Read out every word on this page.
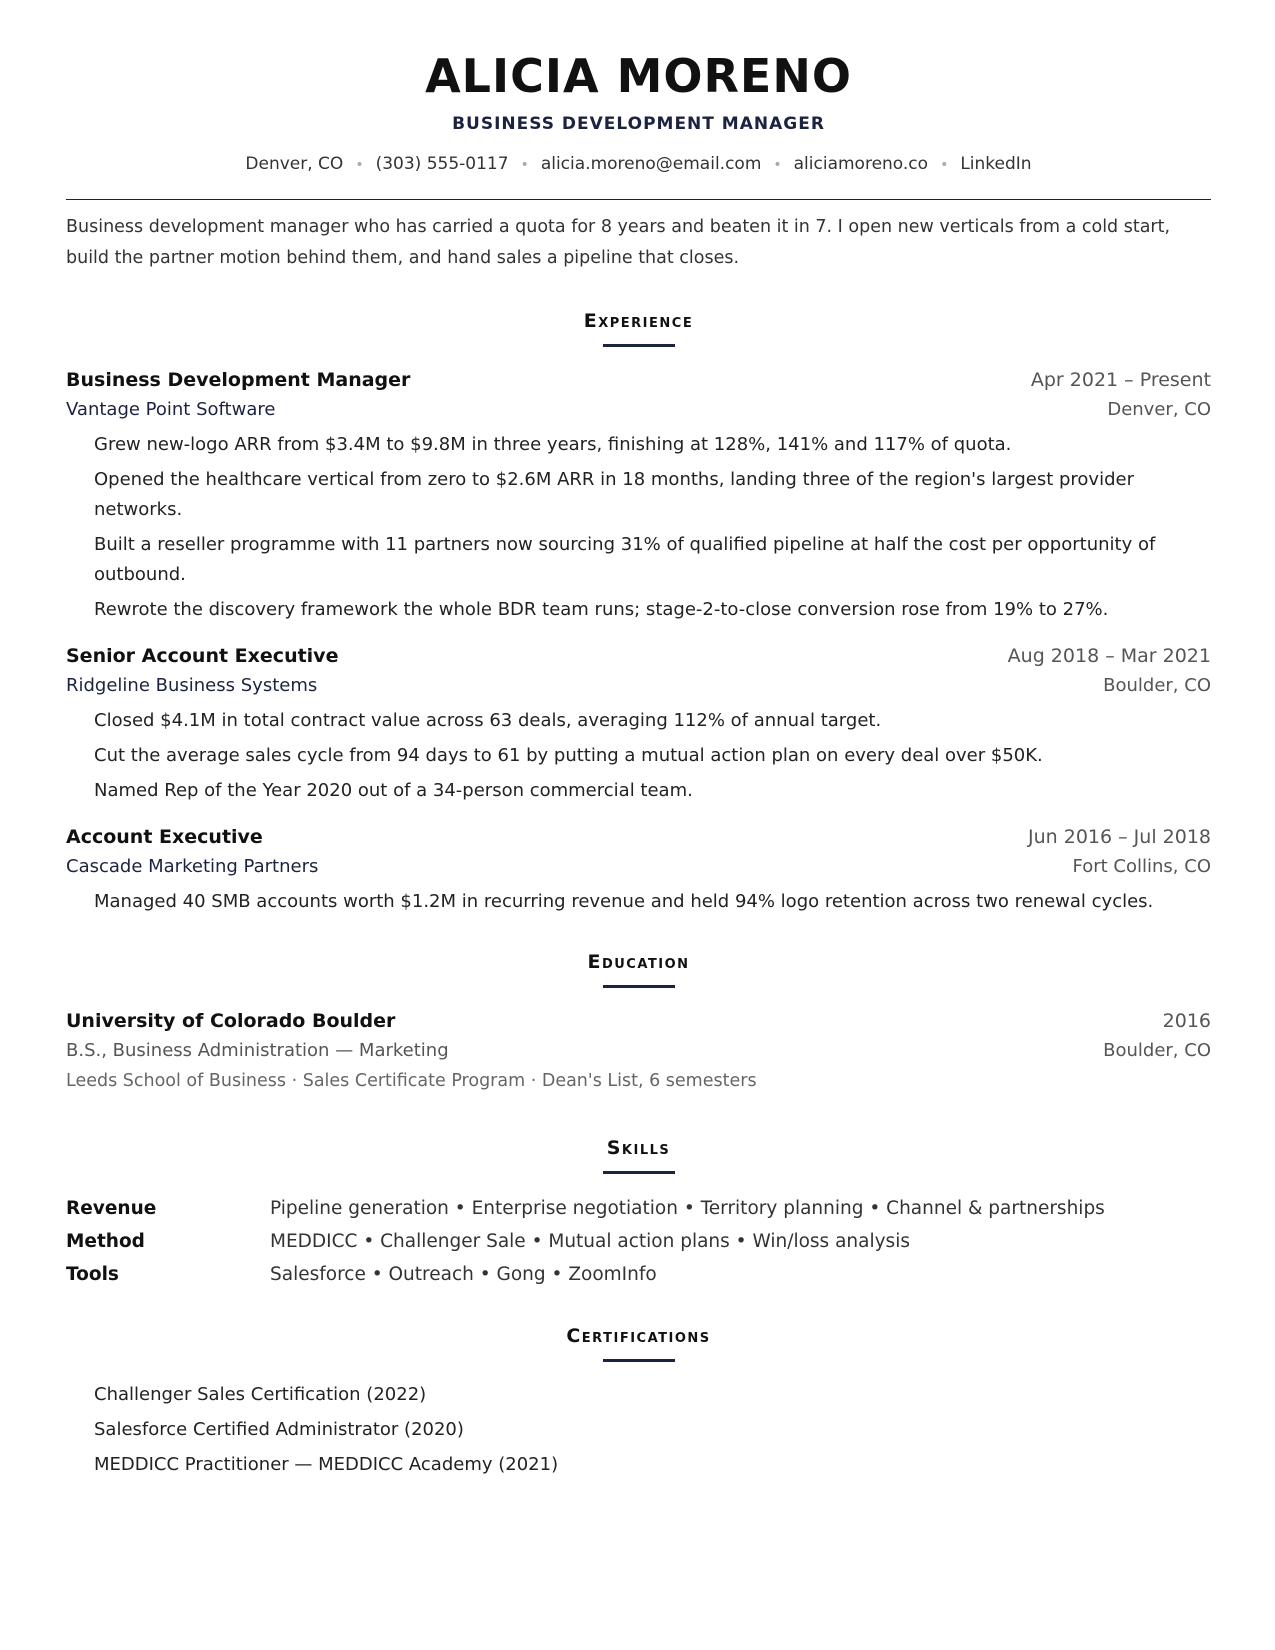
ALICIA MORENO
BUSINESS DEVELOPMENT MANAGER
Denver, CO • (303) 555-0117 • alicia.moreno@email.com • aliciamoreno.co • LinkedIn
Business development manager who has carried a quota for 8 years and beaten it in 7. I open new verticals from a cold start, build the partner motion behind them, and hand sales a pipeline that closes.
Experience
Business Development Manager	Apr 2021 – Present
Vantage Point Software	Denver, CO
Grew new-logo ARR from $3.4M to $9.8M in three years, finishing at 128%, 141% and 117% of quota.
Opened the healthcare vertical from zero to $2.6M ARR in 18 months, landing three of the region's largest provider networks.
Built a reseller programme with 11 partners now sourcing 31% of qualified pipeline at half the cost per opportunity of outbound.
Rewrote the discovery framework the whole BDR team runs; stage-2-to-close conversion rose from 19% to 27%.
Senior Account Executive	Aug 2018 – Mar 2021
Ridgeline Business Systems	Boulder, CO
Closed $4.1M in total contract value across 63 deals, averaging 112% of annual target.
Cut the average sales cycle from 94 days to 61 by putting a mutual action plan on every deal over $50K.
Named Rep of the Year 2020 out of a 34-person commercial team.
Account Executive	Jun 2016 – Jul 2018
Cascade Marketing Partners	Fort Collins, CO
Managed 40 SMB accounts worth $1.2M in recurring revenue and held 94% logo retention across two renewal cycles.
Education
University of Colorado Boulder	2016
B.S., Business Administration — Marketing	Boulder, CO
Leeds School of Business · Sales Certificate Program · Dean's List, 6 semesters
Skills
Revenue	Pipeline generation • Enterprise negotiation • Territory planning • Channel & partnerships
Method	MEDDICC • Challenger Sale • Mutual action plans • Win/loss analysis
Tools	Salesforce • Outreach • Gong • ZoomInfo
Certifications
Challenger Sales Certification (2022)
Salesforce Certified Administrator (2020)
MEDDICC Practitioner — MEDDICC Academy (2021)
